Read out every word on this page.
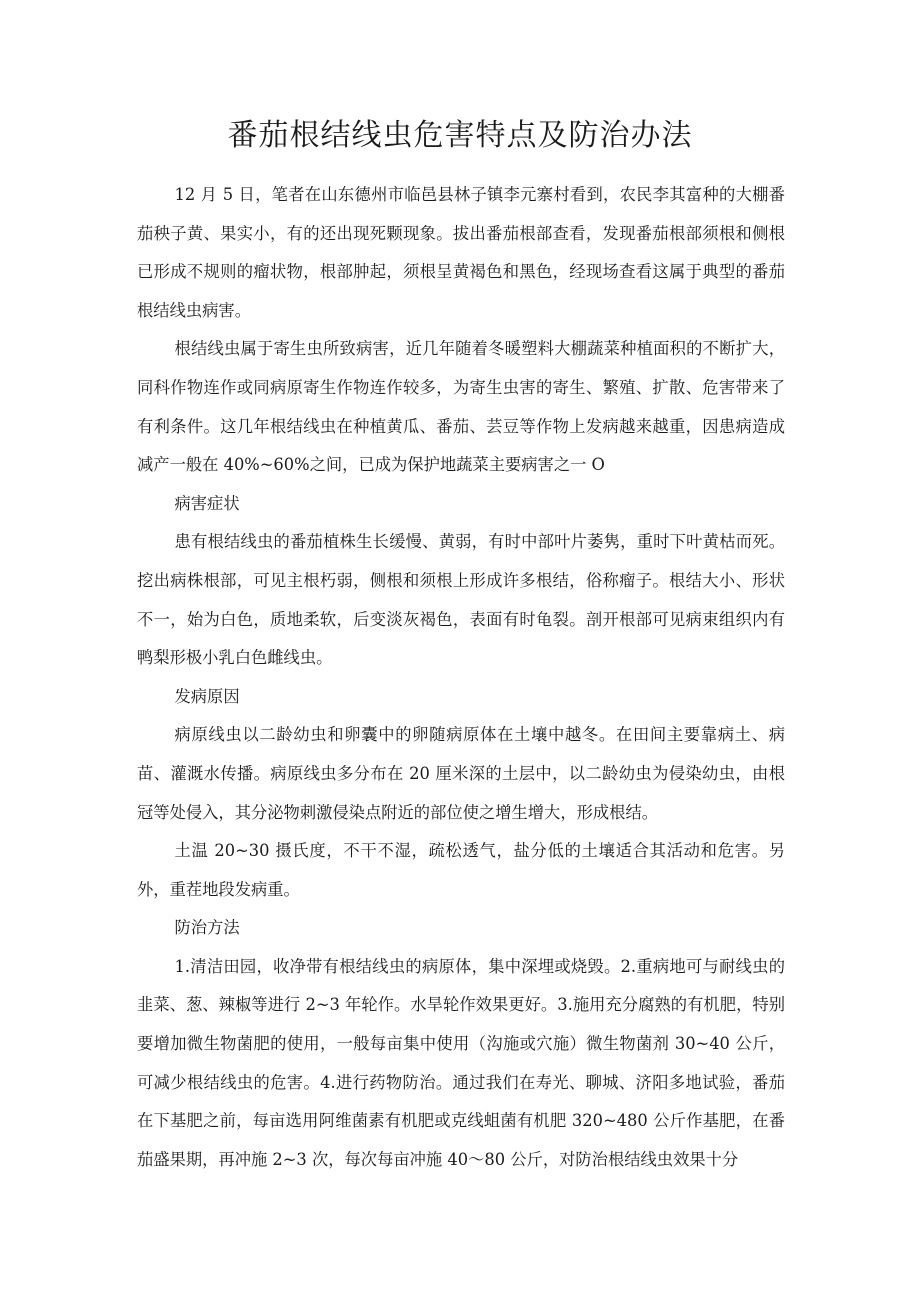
番茄根结线虫危害特点及防治办法

12 月 5 日，笔者在山东德州市临邑县林子镇李元寨村看到，农民李其富种的大棚番茄秧子黄、果实小，有的还出现死颗现象。拔出番茄根部查看，发现番茄根部须根和侧根已形成不规则的瘤状物，根部肿起，须根呈黄褐色和黑色，经现场查看这属于典型的番茄根结线虫病害。

根结线虫属于寄生虫所致病害，近几年随着冬暖塑料大棚蔬菜种植面积的不断扩大，同科作物连作或同病原寄生作物连作较多，为寄生虫害的寄生、繁殖、扩散、危害带来了有利条件。这几年根结线虫在种植黄瓜、番茄、芸豆等作物上发病越来越重，因患病造成减产一般在 40%~60%之间，已成为保护地蔬菜主要病害之一 O

病害症状

患有根结线虫的番茄植株生长缓慢、黄弱，有时中部叶片萎隽，重时下叶黄枯而死。挖出病株根部，可见主根朽弱，侧根和须根上形成许多根结，俗称瘤子。根结大小、形状不一，始为白色，质地柔软，后变淡灰褐色，表面有时龟裂。剖开根部可见病束组织内有鸭梨形极小乳白色雌线虫。

发病原因

病原线虫以二龄幼虫和卵囊中的卵随病原体在土壤中越冬。在田间主要靠病土、病苗、灌溉水传播。病原线虫多分布在 20 厘米深的土层中，以二龄幼虫为侵染幼虫，由根冠等处侵入，其分泌物刺激侵染点附近的部位使之增生增大，形成根结。

土温 20~30 摄氏度，不干不湿，疏松透气，盐分低的土壤适合其活动和危害。另外，重茬地段发病重。

防治方法

1.清洁田园，收净带有根结线虫的病原体，集中深埋或烧毁。2.重病地可与耐线虫的韭菜、葱、辣椒等进行 2~3 年轮作。水旱轮作效果更好。3.施用充分腐熟的有机肥，特别要增加微生物菌肥的使用，一般每亩集中使用（沟施或穴施）微生物菌剂 30~40 公斤，可减少根结线虫的危害。4.进行药物防治。通过我们在寿光、聊城、济阳多地试验，番茄在下基肥之前，每亩选用阿维菌素有机肥或克线蛆菌有机肥 320~480 公斤作基肥，在番茄盛果期，再冲施 2~3 次，每次每亩冲施 40～80 公斤，对防治根结线虫效果十分
